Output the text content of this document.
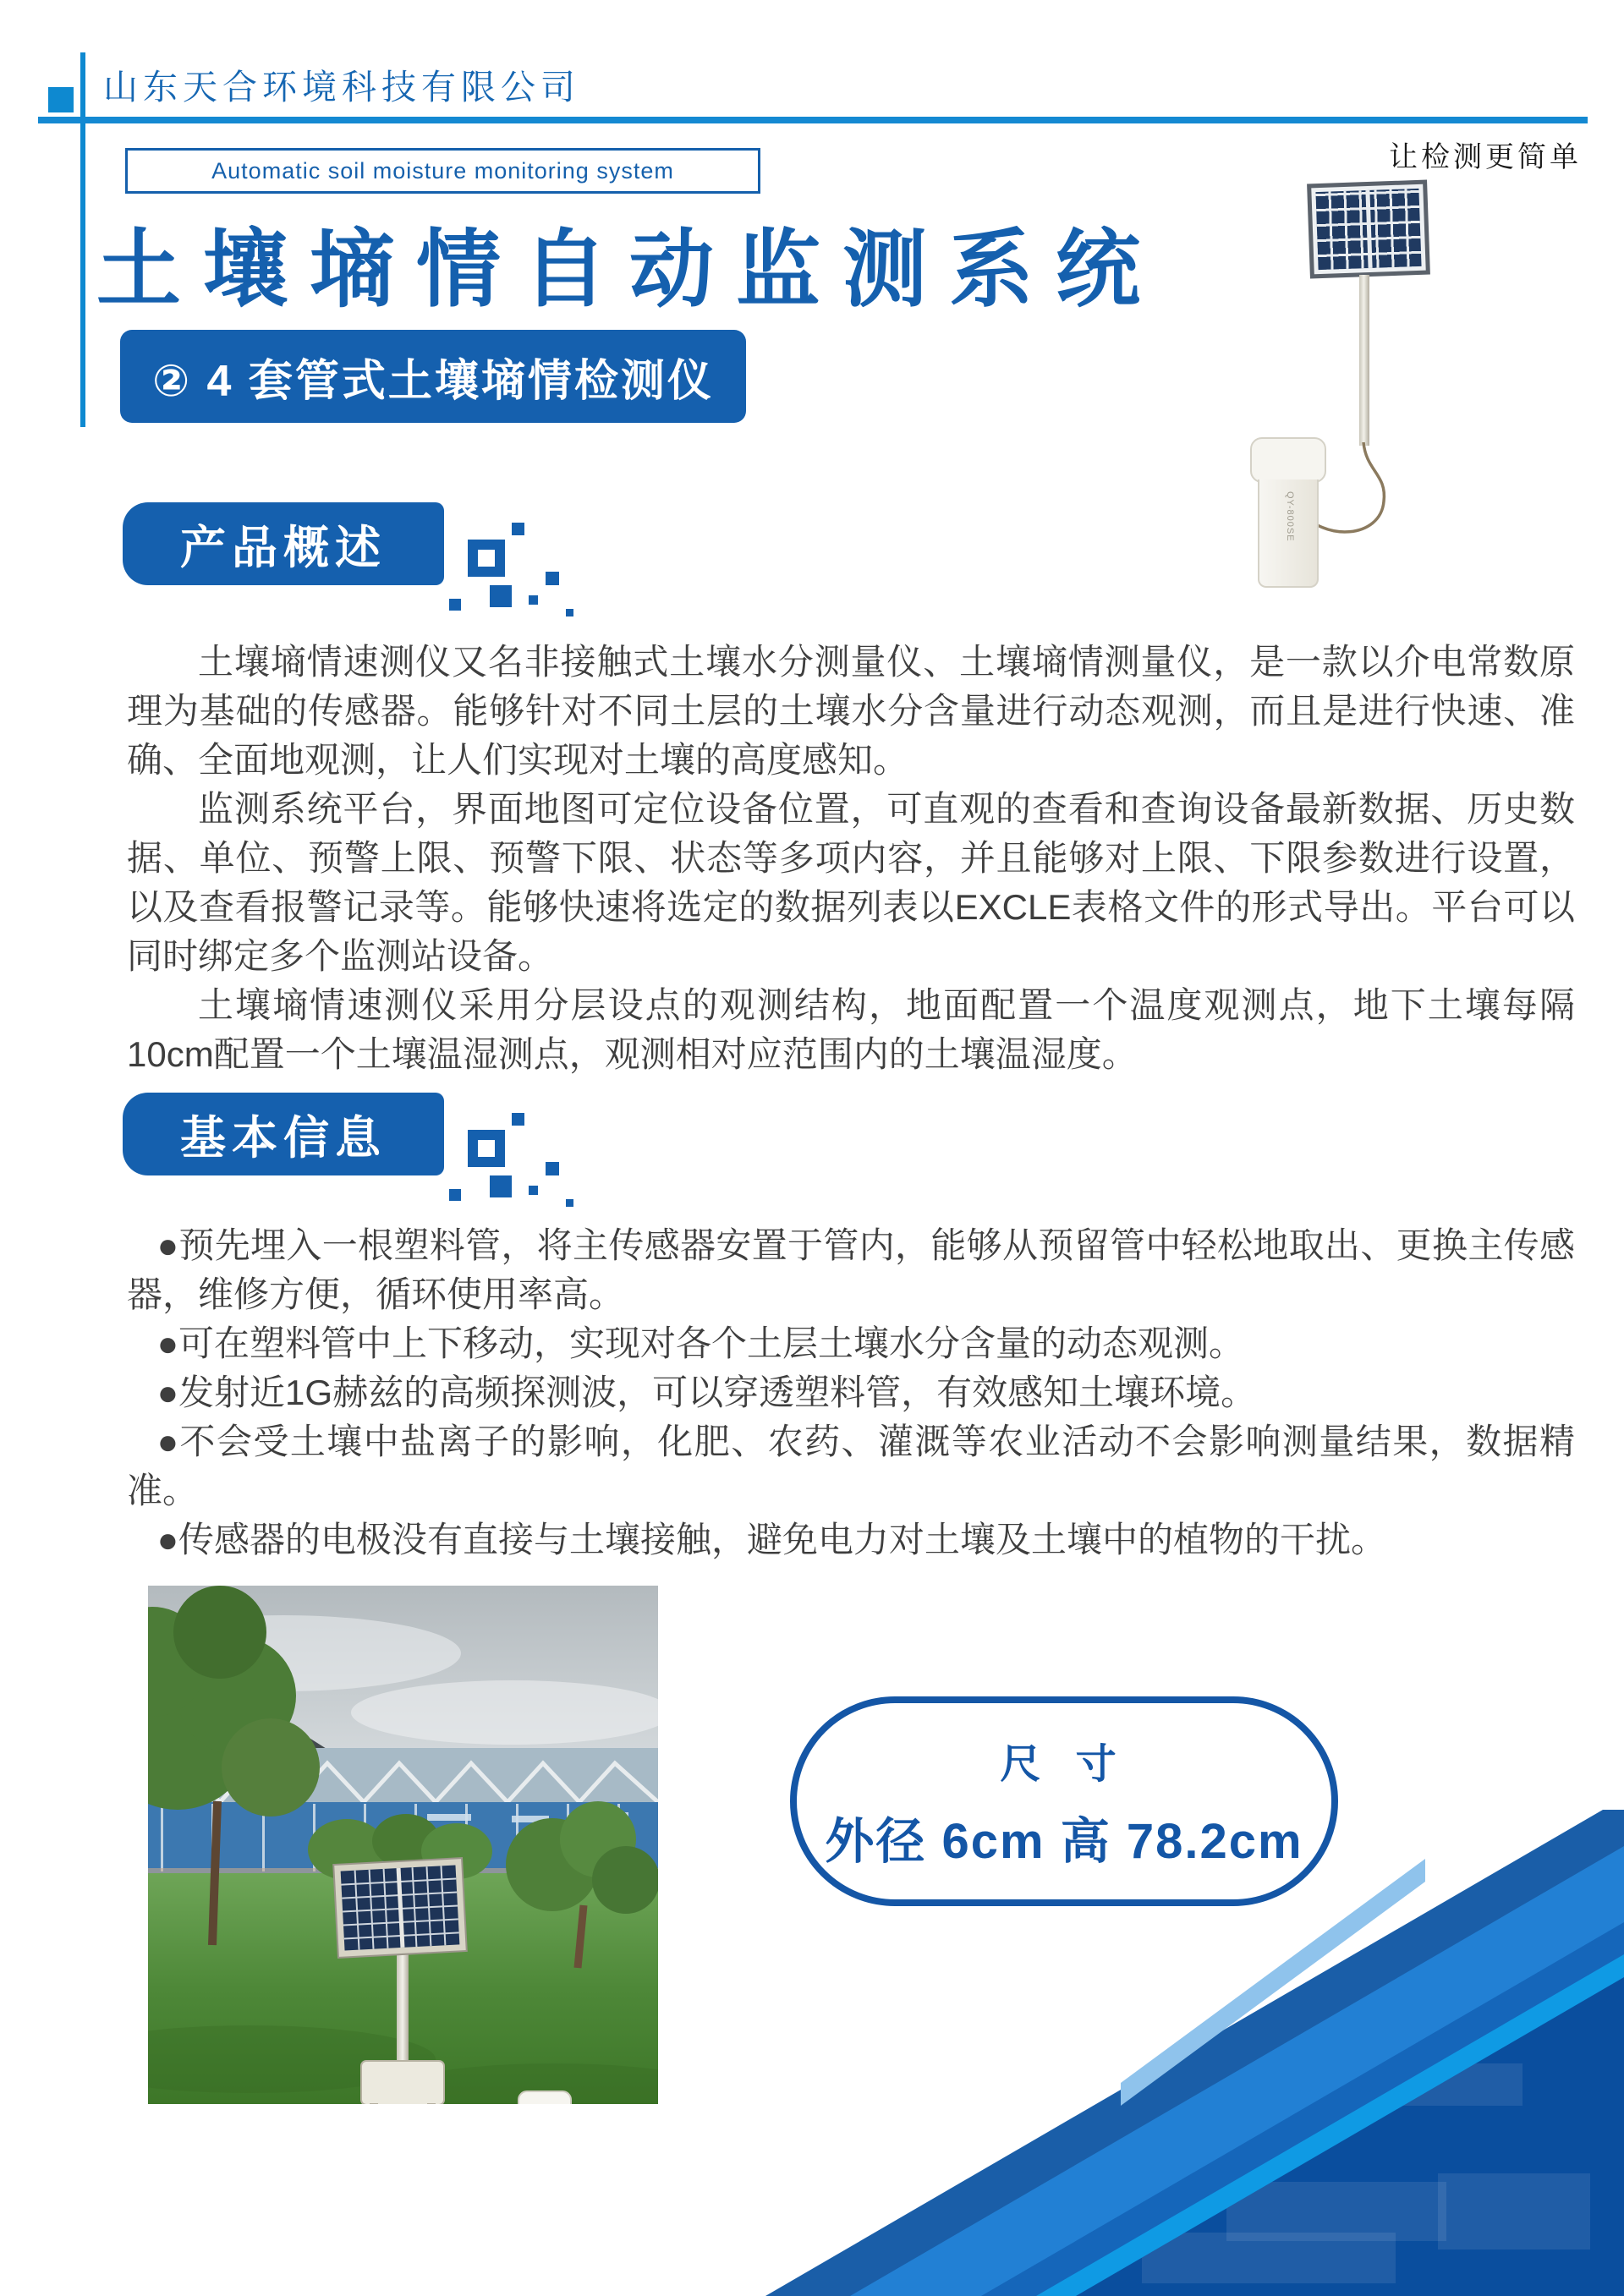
山东天合环境科技有限公司
让检测更简单
Automatic soil moisture monitoring system
土壤墒情自动监测系统
② 4 套管式土壤墒情检测仪
QY-800SE
产品概述

土壤墒情速测仪又名非接触式土壤水分测量仪、土壤墒情测量仪，是一款以介电常数原理为基础的传感器。能够针对不同土层的土壤水分含量进行动态观测，而且是进行快速、准确、全面地观测，让人们实现对土壤的高度感知。

监测系统平台，界面地图可定位设备位置，可直观的查看和查询设备最新数据、历史数据、单位、预警上限、预警下限、状态等多项内容，并且能够对上限、下限参数进行设置，以及查看报警记录等。能够快速将选定的数据列表以EXCLE表格文件的形式导出。平台可以同时绑定多个监测站设备。

土壤墒情速测仪采用分层设点的观测结构，地面配置一个温度观测点，地下土壤每隔10cm配置一个土壤温湿测点，观测相对应范围内的土壤温湿度。

基本信息

●预先埋入一根塑料管，将主传感器安置于管内，能够从预留管中轻松地取出、更换主传感器，维修方便，循环使用率高。

●可在塑料管中上下移动，实现对各个土层土壤水分含量的动态观测。

●发射近1G赫兹的高频探测波，可以穿透塑料管，有效感知土壤环境。

●不会受土壤中盐离子的影响，化肥、农药、灌溉等农业活动不会影响测量结果，数据精准。

●传感器的电极没有直接与土壤接触，避免电力对土壤及土壤中的植物的干扰。

尺 寸
外径 6cm 高 78.2cm
